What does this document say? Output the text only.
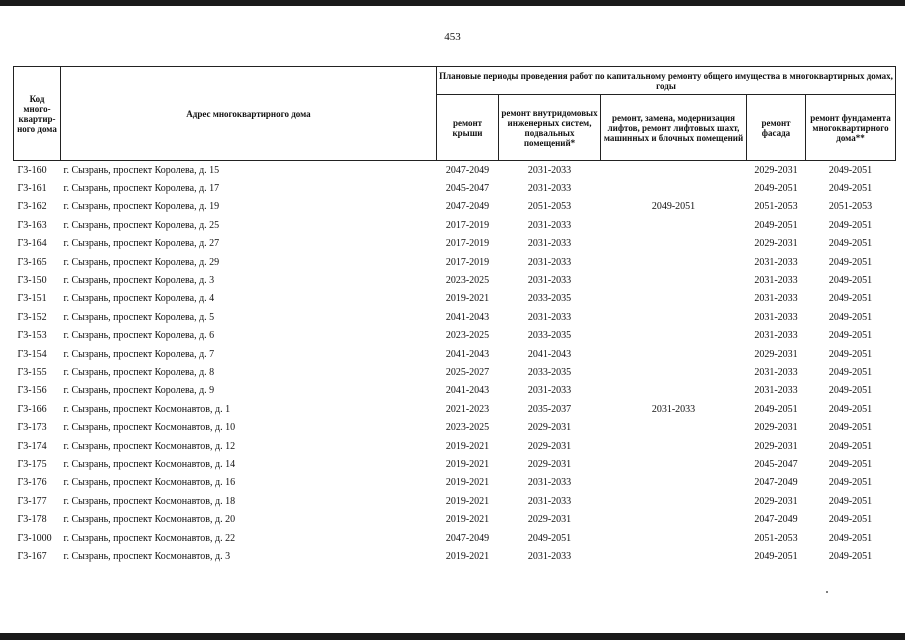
453
Код много-квартир-ного дома	Адрес многоквартирного дома	Плановые периоды проведения работ по капитальному ремонту общего имущества в многоквартирных домах, годы				
		ремонт крыши	ремонт внутридомовых инженерных систем, подвальных помещений*	ремонт, замена, модернизация лифтов, ремонт лифтовых шахт, машинных и блочных помещений	ремонт фасада	ремонт фундамента многоквартирного дома**
Г3-160	г. Сызрань, проспект Королева, д. 15	2047-2049	2031-2033		2029-2031	2049-2051
Г3-161	г. Сызрань, проспект Королева, д. 17	2045-2047	2031-2033		2049-2051	2049-2051
Г3-162	г. Сызрань, проспект Королева, д. 19	2047-2049	2051-2053	2049-2051	2051-2053	2051-2053
Г3-163	г. Сызрань, проспект Королева, д. 25	2017-2019	2031-2033		2049-2051	2049-2051
Г3-164	г. Сызрань, проспект Королева, д. 27	2017-2019	2031-2033		2029-2031	2049-2051
Г3-165	г. Сызрань, проспект Королева, д. 29	2017-2019	2031-2033		2031-2033	2049-2051
Г3-150	г. Сызрань, проспект Королева, д. 3	2023-2025	2031-2033		2031-2033	2049-2051
Г3-151	г. Сызрань, проспект Королева, д. 4	2019-2021	2033-2035		2031-2033	2049-2051
Г3-152	г. Сызрань, проспект Королева, д. 5	2041-2043	2031-2033		2031-2033	2049-2051
Г3-153	г. Сызрань, проспект Королева, д. 6	2023-2025	2033-2035		2031-2033	2049-2051
Г3-154	г. Сызрань, проспект Королева, д. 7	2041-2043	2041-2043		2029-2031	2049-2051
Г3-155	г. Сызрань, проспект Королева, д. 8	2025-2027	2033-2035		2031-2033	2049-2051
Г3-156	г. Сызрань, проспект Королева, д. 9	2041-2043	2031-2033		2031-2033	2049-2051
Г3-166	г. Сызрань, проспект Космонавтов, д. 1	2021-2023	2035-2037	2031-2033	2049-2051	2049-2051
Г3-173	г. Сызрань, проспект Космонавтов, д. 10	2023-2025	2029-2031		2029-2031	2049-2051
Г3-174	г. Сызрань, проспект Космонавтов, д. 12	2019-2021	2029-2031		2029-2031	2049-2051
Г3-175	г. Сызрань, проспект Космонавтов, д. 14	2019-2021	2029-2031		2045-2047	2049-2051
Г3-176	г. Сызрань, проспект Космонавтов, д. 16	2019-2021	2031-2033		2047-2049	2049-2051
Г3-177	г. Сызрань, проспект Космонавтов, д. 18	2019-2021	2031-2033		2029-2031	2049-2051
Г3-178	г. Сызрань, проспект Космонавтов, д. 20	2019-2021	2029-2031		2047-2049	2049-2051
Г3-1000	г. Сызрань, проспект Космонавтов, д. 22	2047-2049	2049-2051		2051-2053	2049-2051
Г3-167	г. Сызрань, проспект Космонавтов, д. 3	2019-2021	2031-2033		2049-2051	2049-2051
